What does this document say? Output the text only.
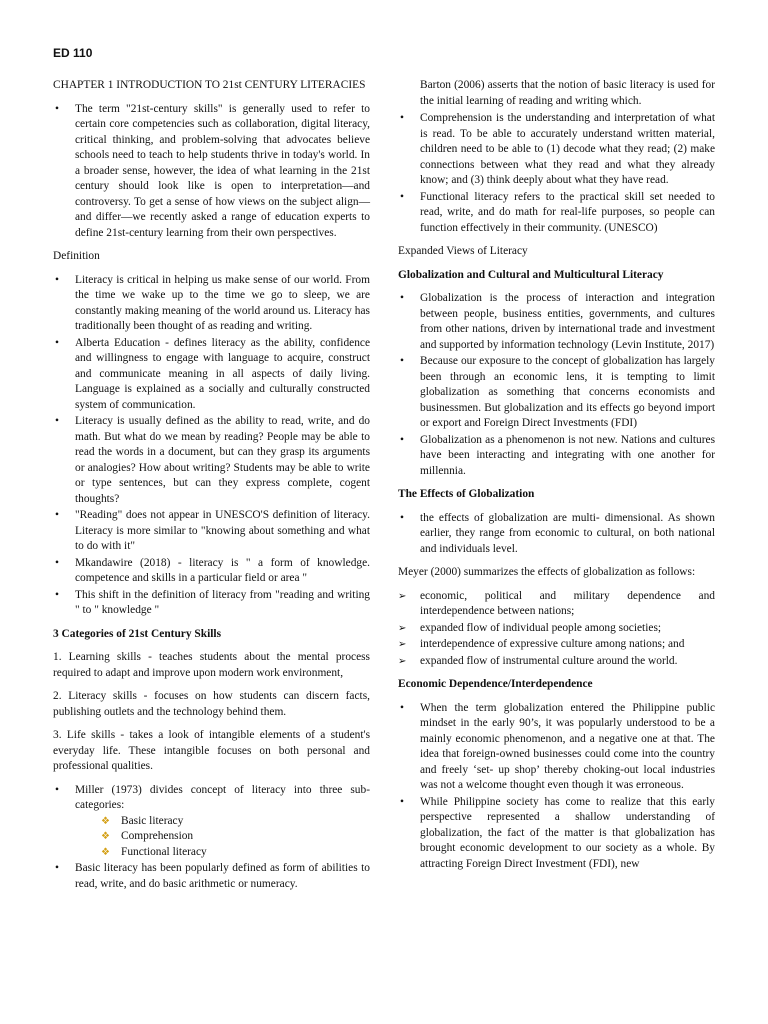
ED 110
CHAPTER 1 INTRODUCTION TO 21st CENTURY LITERACIES
• The term "21st-century skills" is generally used to refer to certain core competencies such as collaboration, digital literacy, critical thinking, and problem-solving that advocates believe schools need to teach to help students thrive in today's world. In a broader sense, however, the idea of what learning in the 21st century should look like is open to interpretation—and controversy. To get a sense of how views on the subject align—and differ—we recently asked a range of education experts to define 21st-century learning from their own perspectives.

Definition

• Literacy is critical in helping us make sense of our world. From the time we wake up to the time we go to sleep, we are constantly making meaning of the world around us. Literacy has traditionally been thought of as reading and writing.
• Alberta Education - defines literacy as the ability, confidence and willingness to engage with language to acquire, construct and communicate meaning in all aspects of daily living. Language is explained as a socially and culturally constructed system of communication.
• Literacy is usually defined as the ability to read, write, and do math. But what do we mean by reading? People may be able to read the words in a document, but can they grasp its arguments or analogies? How about writing? Students may be able to write or type sentences, but can they express complete, cogent thoughts?
• "Reading" does not appear in UNESCO'S definition of literacy. Literacy is more similar to "knowing about something and what to do with it"
• Mkandawire (2018) - literacy is " a form of knowledge. competence and skills in a particular field or area "
• This shift in the definition of literacy from "reading and writing " to " knowledge "

3 Categories of 21st Century Skills

1. Learning skills - teaches students about the mental process required to adapt and improve upon modern work environment,

2. Literacy skills - focuses on how students can discern facts, publishing outlets and the technology behind them.

3. Life skills - takes a look of intangible elements of a student's everyday life. These intangible focuses on both personal and professional qualities.

• Miller (1973) divides concept of literacy into three sub-categories:
❖ Basic literacy
❖ Comprehension
❖ Functional literacy
• Basic literacy has been popularly defined as form of abilities to read, write, and do basic arithmetic or numeracy.
Barton (2006) asserts that the notion of basic literacy is used for the initial learning of reading and writing which.
• Comprehension is the understanding and interpretation of what is read. To be able to accurately understand written material, children need to be able to (1) decode what they read; (2) make connections between what they read and what they already know; and (3) think deeply about what they have read.
• Functional literacy refers to the practical skill set needed to read, write, and do math for real-life purposes, so people can function effectively in their community. (UNESCO)

Expanded Views of Literacy

Globalization and Cultural and Multicultural Literacy

• Globalization is the process of interaction and integration between people, business entities, governments, and cultures from other nations, driven by international trade and investment and supported by information technology (Levin Institute, 2017)
• Because our exposure to the concept of globalization has largely been through an economic lens, it is tempting to limit globalization as something that concerns economists and businessmen. But globalization and its effects go beyond import or export and Foreign Direct Investments (FDI)
• Globalization as a phenomenon is not new. Nations and cultures have been interacting and integrating with one another for millennia.

The Effects of Globalization

• the effects of globalization are multi- dimensional. As shown earlier, they range from economic to cultural, on both national and individuals level.

Meyer (2000) summarizes the effects of globalization as follows:

➢ economic, political and military dependence and interdependence between nations;
➢ expanded flow of individual people among societies;
➢ interdependence of expressive culture among nations; and
➢ expanded flow of instrumental culture around the world.

Economic Dependence/Interdependence

• When the term globalization entered the Philippine public mindset in the early 90’s, it was popularly understood to be a mainly economic phenomenon, and a negative one at that. The idea that foreign-owned businesses could come into the country and freely ‘set- up shop’ thereby choking-out local industries was not a welcome thought even though it was erroneous.
• While Philippine society has come to realize that this early perspective represented a shallow understanding of globalization, the fact of the matter is that globalization has brought economic development to our society as a whole. By attracting Foreign Direct Investment (FDI), new
